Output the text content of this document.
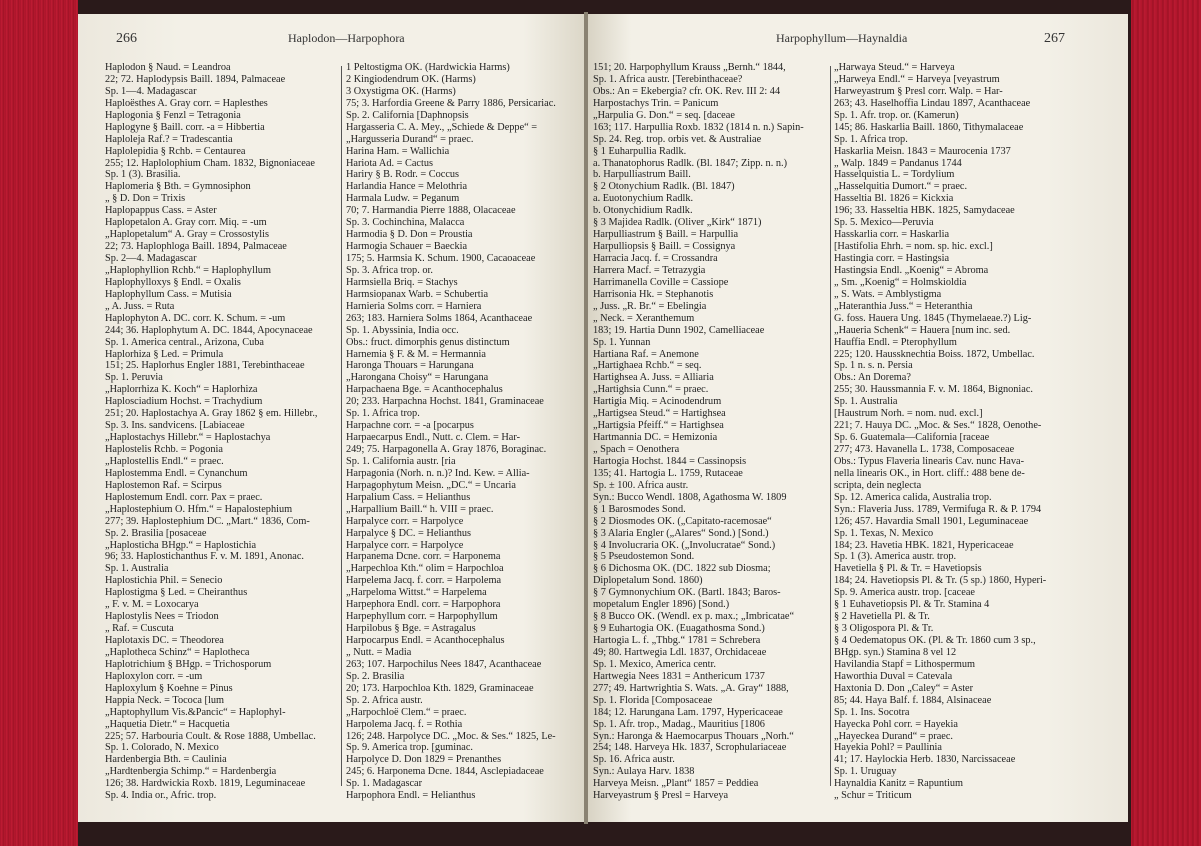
266	Haplodon—Harpophora
Haplodon § Naud. = Leandroa
22; 72. Haplodypsis Baill. 1894, Palmaceae
Sp. 1—4. Madagascar
Haploësthes A. Gray corr. = Haplesthes
Haplogonia § Fenzl = Tetragonia
Haplogyne § Baill. corr. -a = Hibbertia
Haploleja Raf.? = Tradescantia
Haplolepidia § Rchb. = Centaurea
255; 12. Haplolophium Cham. 1832, Bignoniaceae
Sp. 1 (3). Brasilia.
Haplomeria § Bth. = Gymnosiphon
„ § D. Don = Trixis
Haplopappus Cass. = Aster
Haplopetalon A. Gray corr. Miq. = -um
„Haplopetalum“ A. Gray = Crossostylis
22; 73. Haplophloga Baill. 1894, Palmaceae
Sp. 2—4. Madagascar
„Haplophyllion Rchb.“ = Haplophyllum
Haplophylloxys § Endl. = Oxalis
Haplophyllum Cass. = Mutisia
„ A. Juss. = Ruta
Haplophyton A. DC. corr. K. Schum. = -um
244; 36. Haplophytum A. DC. 1844, Apocynaceae
Sp. 1. America central., Arizona, Cuba
Haplorhiza § Led. = Primula
151; 25. Haplorhus Engler 1881, Terebinthaceae
Sp. 1. Peruvia
„Haplorrhiza K. Koch“ = Haplorhiza
Haplosciadium Hochst. = Trachydium
251; 20. Haplostachya A. Gray 1862 § em. Hillebr.,
Sp. 3. Ins. sandvicens. [Labiaceae
„Haplostachys Hillebr.“ = Haplostachya
Haplostelis Rchb. = Pogonia
„Haplostellis Endl.“ = praec.
Haplostemma Endl. = Cynanchum
Haplostemon Raf. = Scirpus
Haplostemum Endl. corr. Pax = praec.
„Haplostephium O. Hfm.“ = Hapalostephium
277; 39. Haplostephium DC. „Mart.“ 1836, Com-
Sp. 2. Brasilia [posaceae
„Haplosticha BHgp.“ = Haplostichia
96; 33. Haplostichanthus F. v. M. 1891, Anonac.
Sp. 1. Australia
Haplostichia Phil. = Senecio
Haplostigma § Led. = Cheiranthus
„ F. v. M. = Loxocarya
Haplostylis Nees = Triodon
„ Raf. = Cuscuta
Haplotaxis DC. = Theodorea
„Haplotheca Schinz“ = Haplotheca
Haplotrichium § BHgp. = Trichosporum
Haploxylon corr. = -um
Haploxylum § Koehne = Pinus
Happia Neck. = Tococa [lum
„Haptophyllum Vis.&Pancic“ = Haplophyl-
„Haquetia Dietr.“ = Hacquetia
225; 57. Harbouria Coult. & Rose 1888, Umbellac.
Sp. 1. Colorado, N. Mexico
Hardenbergia Bth. = Caulinia
„Hardtenbergia Schimp.“ = Hardenbergia
126; 38. Hardwickia Roxb. 1819, Leguminaceae
Sp. 4. India or., Afric. trop.
1 Peltostigma OK. (Hardwickia Harms)
2 Kingiodendrum OK. (Harms)
3 Oxystigma OK. (Harms)
75; 3. Harfordia Greene & Parry 1886, Persicariac.
Sp. 2. California [Daphnopsis
Hargasseria C. A. Mey., „Schiede & Deppe“ =
„Hargusseria Durand“ = praec.
Harina Ham. = Wallichia
Hariota Ad. = Cactus
Hariry § B. Rodr. = Coccus
Harlandia Hance = Melothria
Harmala Ludw. = Peganum
70; 7. Harmandia Pierre 1888, Olacaceae
Sp. 3. Cochinchina, Malacca
Harmodia § D. Don = Proustia
Harmogia Schauer = Baeckia
175; 5. Harmsia K. Schum. 1900, Cacaoaceae
Sp. 3. Africa trop. or.
Harmsiella Briq. = Stachys
Harmsiopanax Warb. = Schubertia
Harnieria Solms corr. = Harniera
263; 183. Harniera Solms 1864, Acanthaceae
Sp. 1. Abyssinia, India occ.
Obs.: fruct. dimorphis genus distinctum
Harnemia § F. & M. = Hermannia
Haronga Thouars = Harungana
„Harongana Choisy“ = Harungana
Harpachaena Bge. = Acanthocephalus
20; 233. Harpachna Hochst. 1841, Graminaceae
Sp. 1. Africa trop.
Harpachne corr. = -a [pocarpus
Harpaecarpus Endl., Nutt. c. Clem. = Har-
249; 75. Harpagonella A. Gray 1876, Boraginac.
Sp. 1. California austr. [ria
Harpagonia (Norh. n. n.)? Ind. Kew. = Allia-
Harpagophytum Meisn. „DC.“ = Uncaria
Harpalium Cass. = Helianthus
„Harpallium Baill.“ h. VIII = praec.
Harpalyce corr. = Harpolyce
Harpalyce § DC. = Helianthus
Harpalyce corr. = Harpolyce
Harpanema Dcne. corr. = Harponema
„Harpechloa Kth.“ olim = Harpochloa
Harpelema Jacq. f. corr. = Harpolema
„Harpeloma Wittst.“ = Harpelema
Harpephora Endl. corr. = Harpophora
Harpephyllum corr. = Harpophyllum
Harpilobus § Bge. = Astragalus
Harpocarpus Endl. = Acanthocephalus
„ Nutt. = Madia
263; 107. Harpochilus Nees 1847, Acanthaceae
Sp. 2. Brasilia
20; 173. Harpochloa Kth. 1829, Graminaceae
Sp. 2. Africa austr.
„Harpochloë Clem.“ = praec.
Harpolema Jacq. f. = Rothia
126; 248. Harpolyce DC. „Moc. & Ses.“ 1825, Le-
Sp. 9. America trop. [guminac.
Harpolyce D. Don 1829 = Prenanthes
245; 6. Harponema Dcne. 1844, Asclepiadaceae
Sp. 1. Madagascar
Harpophora Endl. = Helianthus
Harpophyllum—Haynaldia	267
151; 20. Harpophyllum Krauss „Bernh.“ 1844,
Sp. 1. Africa austr. [Terebinthaceae?
Obs.: An = Ekebergia? cfr. OK. Rev. III 2: 44
Harpostachys Trin. = Panicum
„Harpulia G. Don.“ = seq. [daceae
163; 117. Harpullia Roxb. 1832 (1814 n. n.) Sapin-
Sp. 24. Reg. trop. orbis vet. & Australiae
§ 1 Euharpullia Radlk.
a. Thanatophorus Radlk. (Bl. 1847; Zipp. n. n.)
b. Harpulliastrum Baill.
§ 2 Otonychium Radlk. (Bl. 1847)
a. Euotonychium Radlk.
b. Otonychidium Radlk.
§ 3 Majidea Radlk. (Oliver „Kirk“ 1871)
Harpulliastrum § Baill. = Harpullia
Harpulliopsis § Baill. = Cossignya
Harracia Jacq. f. = Crossandra
Harrera Macf. = Tetrazygia
Harrimanella Coville = Cassiope
Harrisonia Hk. = Stephanotis
„ Juss. „R. Br.“ = Ebelingia
„ Neck. = Xeranthemum
183; 19. Hartia Dunn 1902, Camelliaceae
Sp. 1. Yunnan
Hartiana Raf. = Anemone
„Hartighaea Rchb.“ = seq.
Hartighsea A. Juss. = Alliaria
„Hartighsia Cunn.“ = praec.
Hartigia Miq. = Acinodendrum
„Hartigsea Steud.“ = Hartighsea
„Hartigsia Pfeiff.“ = Hartighsea
Hartmannia DC. = Hemizonia
„ Spach = Oenothera
Hartogia Hochst. 1844 = Cassinopsis
135; 41. Hartogia L. 1759, Rutaceae
Sp. ± 100. Africa austr.
Syn.: Bucco Wendl. 1808, Agathosma W. 1809
§ 1 Barosmodes Sond.
§ 2 Diosmodes OK. („Capitato-racemosae“
§ 3 Alaria Engler („Alares“ Sond.) [Sond.)
§ 4 Involucraria OK. („Involucratae“ Sond.)
§ 5 Pseudostemon Sond.
§ 6 Dichosma OK. (DC. 1822 sub Diosma;
Diplopetalum Sond. 1860)
§ 7 Gymnonychium OK. (Bartl. 1843; Baros-
mopetalum Engler 1896) [Sond.)
§ 8 Bucco OK. (Wendl. ex p. max.; „Imbricatae“
§ 9 Euhartogia OK. (Euagathosma Sond.)
Hartogia L. f. „Thbg.“ 1781 = Schrebera
49; 80. Hartwegia Ldl. 1837, Orchidaceae
Sp. 1. Mexico, America centr.
Hartwegia Nees 1831 = Anthericum 1737
277; 49. Hartwrightia S. Wats. „A. Gray“ 1888,
Sp. 1. Florida [Composaceae
184; 12. Harungana Lam. 1797, Hypericaceae
Sp. 1. Afr. trop., Madag., Mauritius [1806
Syn.: Haronga & Haemocarpus Thouars „Norh.“
254; 148. Harveya Hk. 1837, Scrophulariaceae
Sp. 16. Africa austr.
Syn.: Aulaya Harv. 1838
Harveya Meisn. „Plant“ 1857 = Peddiea
Harveyastrum § Presl = Harveya
„Harwaya Steud.“ = Harveya
„Harweya Endl.“ = Harveya [veyastrum
Harweyastrum § Presl corr. Walp. = Har-
263; 43. Haselhoffia Lindau 1897, Acanthaceae
Sp. 1. Afr. trop. or. (Kamerun)
145; 86. Haskarlia Baill. 1860, Tithymalaceae
Sp. 1. Africa trop.
Haskarlia Meisn. 1843 = Maurocenia 1737
„ Walp. 1849 = Pandanus 1744
Hasselquistia L. = Tordylium
„Hasselquitia Dumort.“ = praec.
Hasseltia Bl. 1826 = Kickxia
196; 33. Hasseltia HBK. 1825, Samydaceae
Sp. 5. Mexico—Peruvia
Hasskarlia corr. = Haskarlia
[Hastifolia Ehrh. = nom. sp. hic. excl.]
Hastingia corr. = Hastingsia
Hastingsia Endl. „Koenig“ = Abroma
„ Sm. „Koenig“ = Holmskioldia
„ S. Wats. = Amblystigma
„Hateranthia Juss.“ = Heteranthia
G. foss. Hauera Ung. 1845 (Thymelaeae.?) Lig-
„Haueria Schenk“ = Hauera [num inc. sed.
Hauffia Endl. = Pterophyllum
225; 120. Haussknechtia Boiss. 1872, Umbellac.
Sp. 1 n. s. n. Persia
Obs.: An Dorema?
255; 30. Haussmannia F. v. M. 1864, Bignoniac.
Sp. 1. Australia
[Haustrum Norh. = nom. nud. excl.]
221; 7. Hauya DC. „Moc. & Ses.“ 1828, Oenothe-
Sp. 6. Guatemala—California [raceae
277; 473. Havanella L. 1738, Composaceae
Obs.: Typus Flaveria linearis Cav. nunc Hava-
nella linearis OK., in Hort. cliff.: 488 bene de-
scripta, dein neglecta
Sp. 12. America calida, Australia trop.
Syn.: Flaveria Juss. 1789, Vermifuga R. & P. 1794
126; 457. Havardia Small 1901, Leguminaceae
Sp. 1. Texas, N. Mexico
184; 23. Havetia HBK. 1821, Hypericaceae
Sp. 1 (3). America austr. trop.
Havetiella § Pl. & Tr. = Havetiopsis
184; 24. Havetiopsis Pl. & Tr. (5 sp.) 1860, Hyperi-
Sp. 9. America austr. trop. [caceae
§ 1 Euhavetiopsis Pl. & Tr. Stamina 4
§ 2 Havetiella Pl. & Tr.
§ 3 Oligospora Pl. & Tr.
§ 4 Oedematopus OK. (Pl. & Tr. 1860 cum 3 sp.,
BHgp. syn.) Stamina 8 vel 12
Havilandia Stapf = Lithospermum
Haworthia Duval = Catevala
Haxtonia D. Don „Caley“ = Aster
85; 44. Haya Balf. f. 1884, Alsinaceae
Sp. 1. Ins. Socotra
Hayecka Pohl corr. = Hayekia
„Hayeckea Durand“ = praec.
Hayekia Pohl? = Paullinia
41; 17. Haylockia Herb. 1830, Narcissaceae
Sp. 1. Uruguay
Haynaldia Kanitz = Rapuntium
„ Schur = Triticum
